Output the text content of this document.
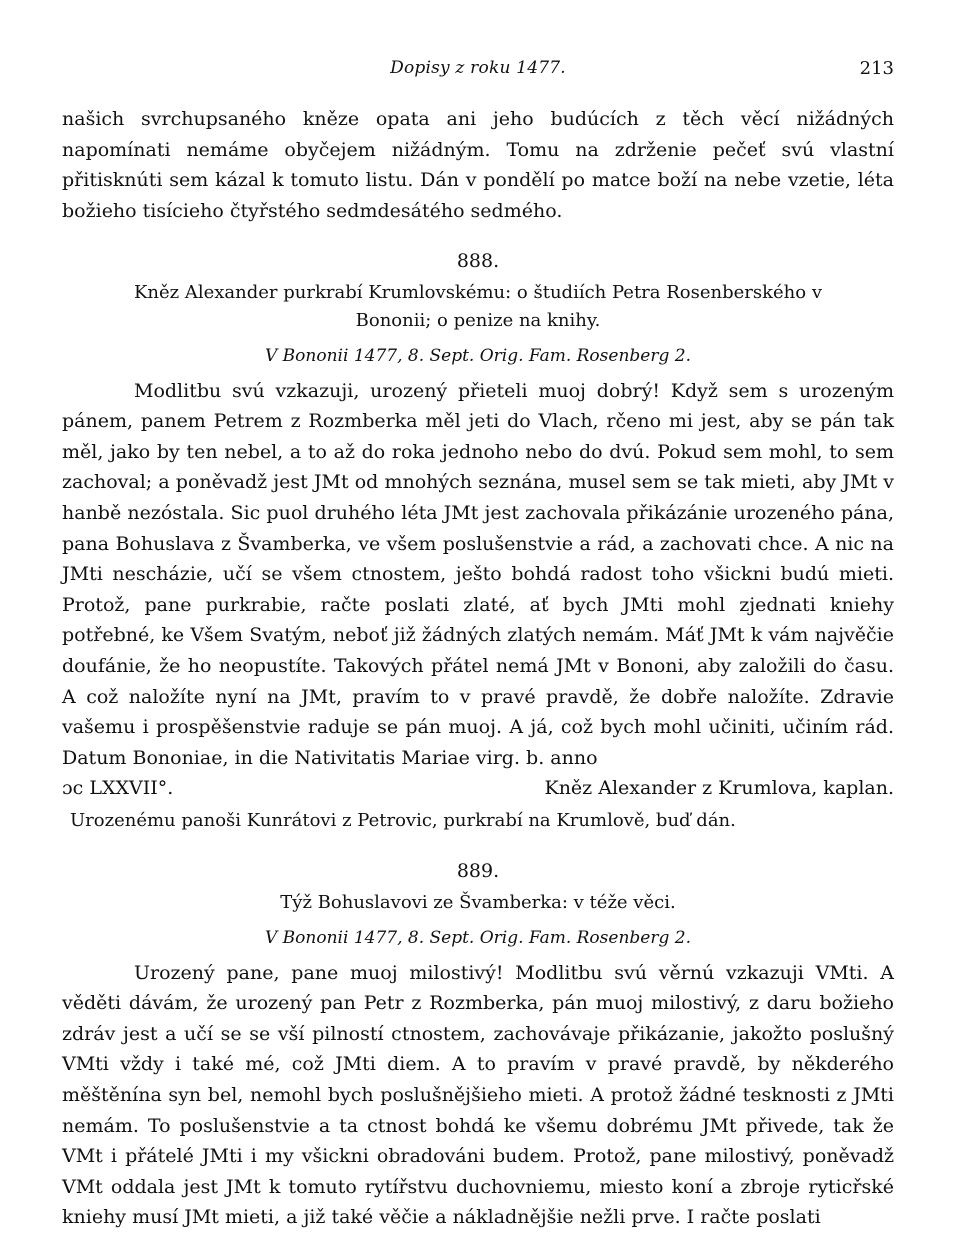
Dopisy z roku 1477.	213

našich svrchupsaného kněze opata ani jeho budúcích z těch věcí nižádných napomínati nemáme obyčejem nižádným. Tomu na zdrženie pečeť svú vlastní přitisknúti sem kázal k tomuto listu. Dán v pondělí po matce boží na nebe vzetie, léta božieho tisícieho čtyřstého sedmdesátého sedmého.

888.
Kněz Alexander purkrabí Krumlovskému: o študiích Petra Rosenberského v Bononii; o penize na knihy.
V Bononii 1477, 8. Sept. Orig. Fam. Rosenberg 2.

Modlitbu svú vzkazuji, urozený přieteli muoj dobrý! Když sem s urozeným pánem, panem Petrem z Rozmberka měl jeti do Vlach, rčeno mi jest, aby se pán tak měl, jako by ten nebel, a to až do roka jednoho nebo do dvú. Pokud sem mohl, to sem zachoval; a poněvadž jest JMt od mnohých seznána, musel sem se tak mieti, aby JMt v hanbě nezóstala. Sic puol druhého léta JMt jest zachovala přikázánie urozeného pána, pana Bohuslava z Švamberka, ve všem poslušenstvie a rád, a zachovati chce. A nic na JMti nescházie, učí se všem ctnostem, ješto bohdá radost toho všickni budú mieti. Protož, pane purkrabie, račte poslati zlaté, ať bych JMti mohl zjednati kniehy potřebné, ke Všem Svatým, neboť již žádných zlatých nemám. Máť JMt k vám najvěčie doufánie, že ho neopustíte. Takových přátel nemá JMt v Bononi, aby založili do času. A což naložíte nyní na JMt, pravím to v pravé pravdě, že dobře naložíte. Zdravie vašemu i prospěšenstvie raduje se pán muoj. A já, což bych mohl učiniti, učiním rád. Datum Bononiae, in die Nativitatis Mariae virg. b. anno

ɔc LXXVII°.	Kněz Alexander z Krumlova, kaplan.

Urozenému panoši Kunrátovi z Petrovic, purkrabí na Krumlově, buď dán.

889.
Týž Bohuslavovi ze Švamberka: v téže věci.
V Bononii 1477, 8. Sept. Orig. Fam. Rosenberg 2.

Urozený pane, pane muoj milostivý! Modlitbu svú věrnú vzkazuji VMti. A věděti dávám, že urozený pan Petr z Rozmberka, pán muoj milostivý, z daru božieho zdráv jest a učí se se vší pilností ctnostem, zachovávaje přikázanie, jakožto poslušný VMti vždy i také mé, což JMti diem. A to pravím v pravé pravdě, by někderého měštěnína syn bel, nemohl bych poslušnějšieho mieti. A protož žádné tesknosti z JMti nemám. To poslušenstvie a ta ctnost bohdá ke všemu dobrému JMt přivede, tak že VMt i přátelé JMti i my všickni obradováni budem. Protož, pane milostivý, poněvadž VMt oddala jest JMt k tomuto rytířstvu duchovniemu, miesto koní a zbroje rytiсřské kniehy musí JMt mieti, a již také věčie a nákladnějšie nežli prve. I račte poslati
